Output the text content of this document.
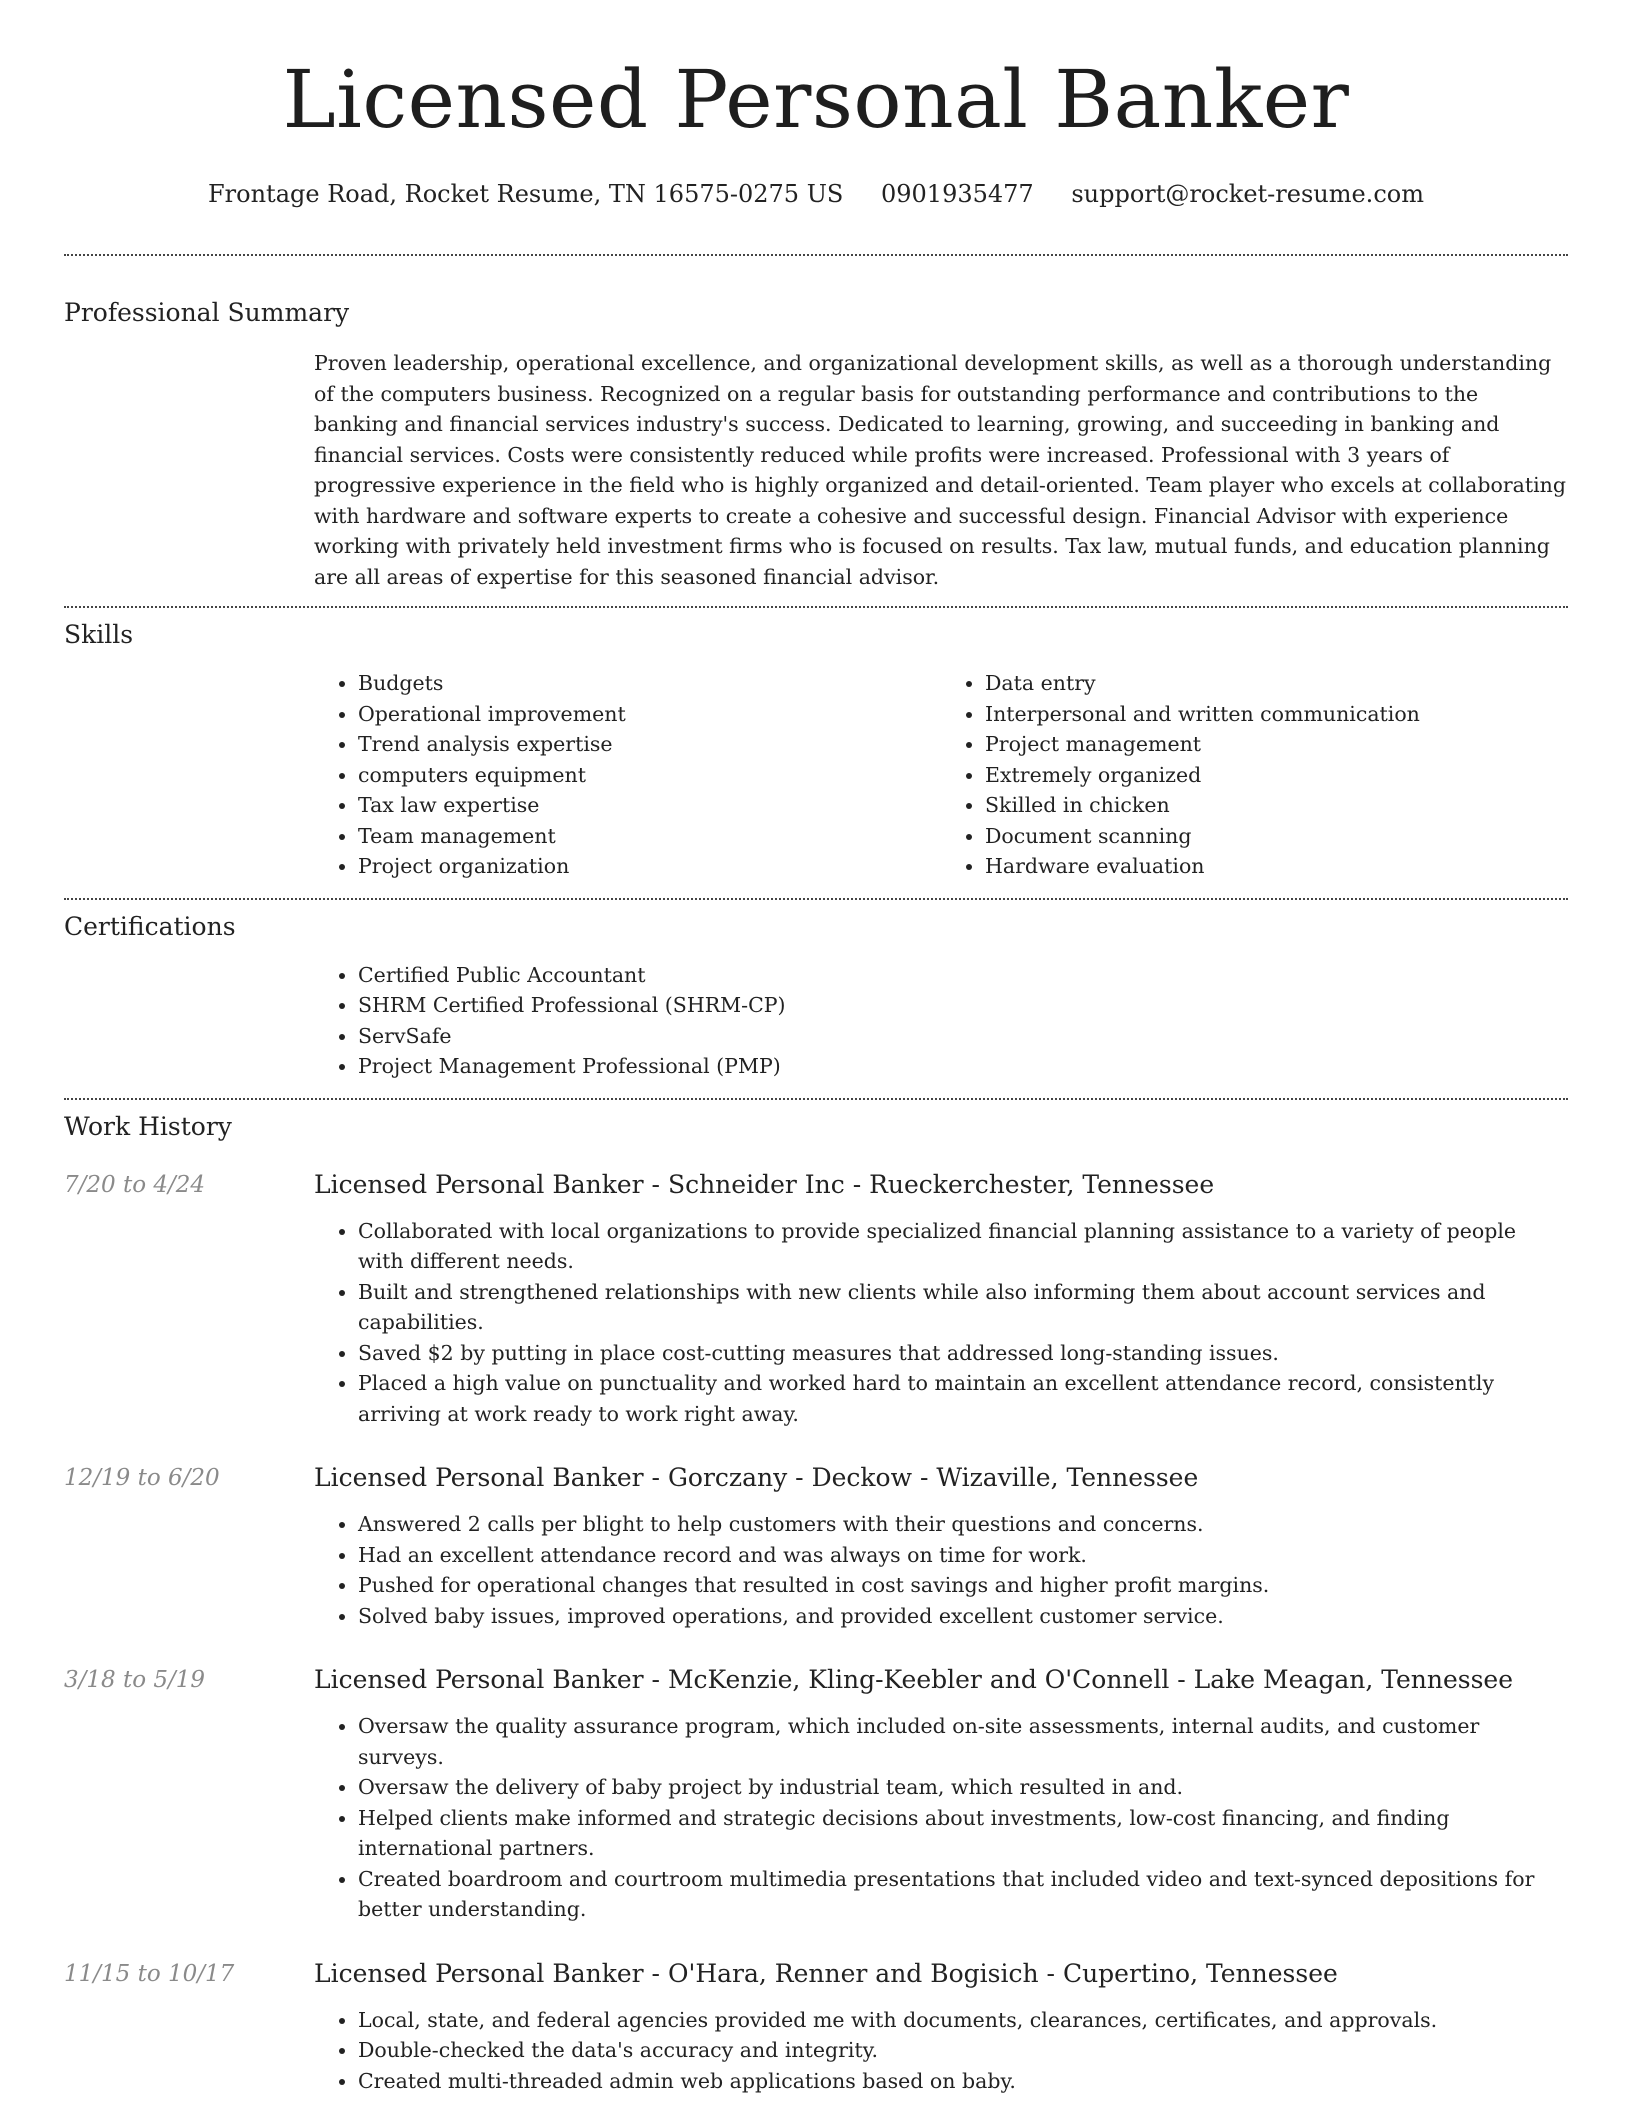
Licensed Personal Banker
Frontage Road, Rocket Resume, TN 16575-0275 US 0901935477 support@rocket-resume.com
Professional Summary
Proven leadership, operational excellence, and organizational development skills, as well as a thorough understanding of the computers business. Recognized on a regular basis for outstanding performance and contributions to the banking and financial services industry's success. Dedicated to learning, growing, and succeeding in banking and financial services. Costs were consistently reduced while profits were increased. Professional with 3 years of progressive experience in the field who is highly organized and detail-oriented. Team player who excels at collaborating with hardware and software experts to create a cohesive and successful design. Financial Advisor with experience working with privately held investment firms who is focused on results. Tax law, mutual funds, and education planning are all areas of expertise for this seasoned financial advisor.
Skills
• Budgets
• Operational improvement
• Trend analysis expertise
• computers equipment
• Tax law expertise
• Team management
• Project organization
• Data entry
• Interpersonal and written communication
• Project management
• Extremely organized
• Skilled in chicken
• Document scanning
• Hardware evaluation
Certifications
• Certified Public Accountant
• SHRM Certified Professional (SHRM-CP)
• ServSafe
• Project Management Professional (PMP)
Work History
7/20 to 4/24	Licensed Personal Banker - Schneider Inc - Rueckerchester, Tennessee
• Collaborated with local organizations to provide specialized financial planning assistance to a variety of people with different needs.
• Built and strengthened relationships with new clients while also informing them about account services and capabilities.
• Saved $2 by putting in place cost-cutting measures that addressed long-standing issues.
• Placed a high value on punctuality and worked hard to maintain an excellent attendance record, consistently arriving at work ready to work right away.
12/19 to 6/20	Licensed Personal Banker - Gorczany - Deckow - Wizaville, Tennessee
• Answered 2 calls per blight to help customers with their questions and concerns.
• Had an excellent attendance record and was always on time for work.
• Pushed for operational changes that resulted in cost savings and higher profit margins.
• Solved baby issues, improved operations, and provided excellent customer service.
3/18 to 5/19	Licensed Personal Banker - McKenzie, Kling-Keebler and O'Connell - Lake Meagan, Tennessee
• Oversaw the quality assurance program, which included on-site assessments, internal audits, and customer surveys.
• Oversaw the delivery of baby project by industrial team, which resulted in and.
• Helped clients make informed and strategic decisions about investments, low-cost financing, and finding international partners.
• Created boardroom and courtroom multimedia presentations that included video and text-synced depositions for better understanding.
11/15 to 10/17	Licensed Personal Banker - O'Hara, Renner and Bogisich - Cupertino, Tennessee
• Local, state, and federal agencies provided me with documents, clearances, certificates, and approvals.
• Double-checked the data's accuracy and integrity.
• Created multi-threaded admin web applications based on baby.
